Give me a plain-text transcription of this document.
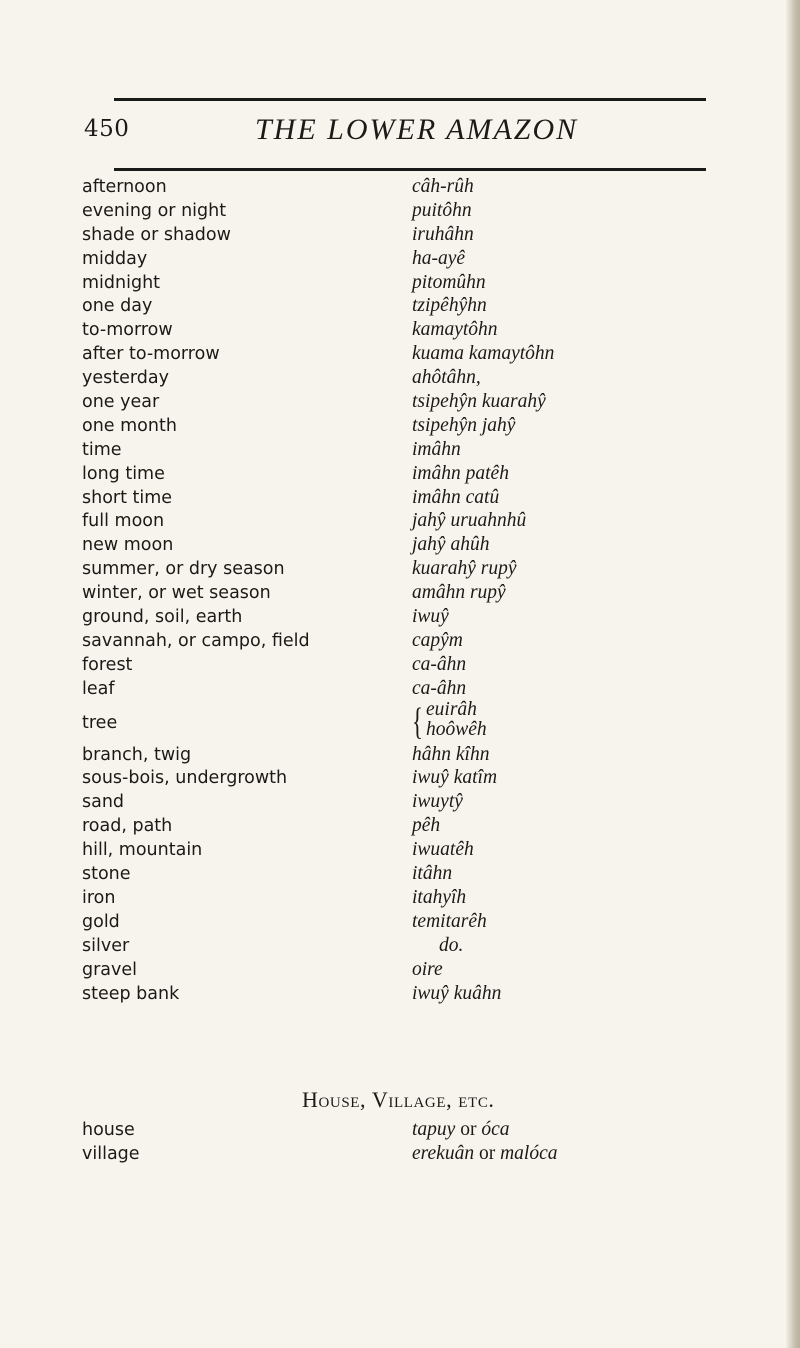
450	THE LOWER AMAZON
afternoon	câh-rûh
evening or night	puitôhn
shade or shadow	iruhâhn
midday	ha-ayê
midnight	pitomûhn
one day	tzipêhŷhn
to-morrow	kamaytôhn
after to-morrow	kuama kamaytôhn
yesterday	ahôtâhn,
one year	tsipehŷn kuarahŷ
one month	tsipehŷn jahŷ
time	imâhn
long time	imâhn patêh
short time	imâhn catû
full moon	jahŷ uruahnhû
new moon	jahŷ ahûh
summer, or dry season	kuarahŷ rupŷ
winter, or wet season	amâhn rupŷ
ground, soil, earth	iwuŷ
savannah, or campo, field	capŷm
forest	ca-âhn
leaf	ca-âhn
tree	{ euirâh
hoôwêh
branch, twig	hâhn kîhn
sous-bois, undergrowth	iwuŷ katîm
sand	iwuytŷ
road, path	pêh
hill, mountain	iwuatêh
stone	itâhn
iron	itahyîh
gold	temitarêh
silver	do.
gravel	oire
steep bank	iwuŷ kuâhn
House, Village, etc.
house	tapuy or óca
village	erekuân or malóca
